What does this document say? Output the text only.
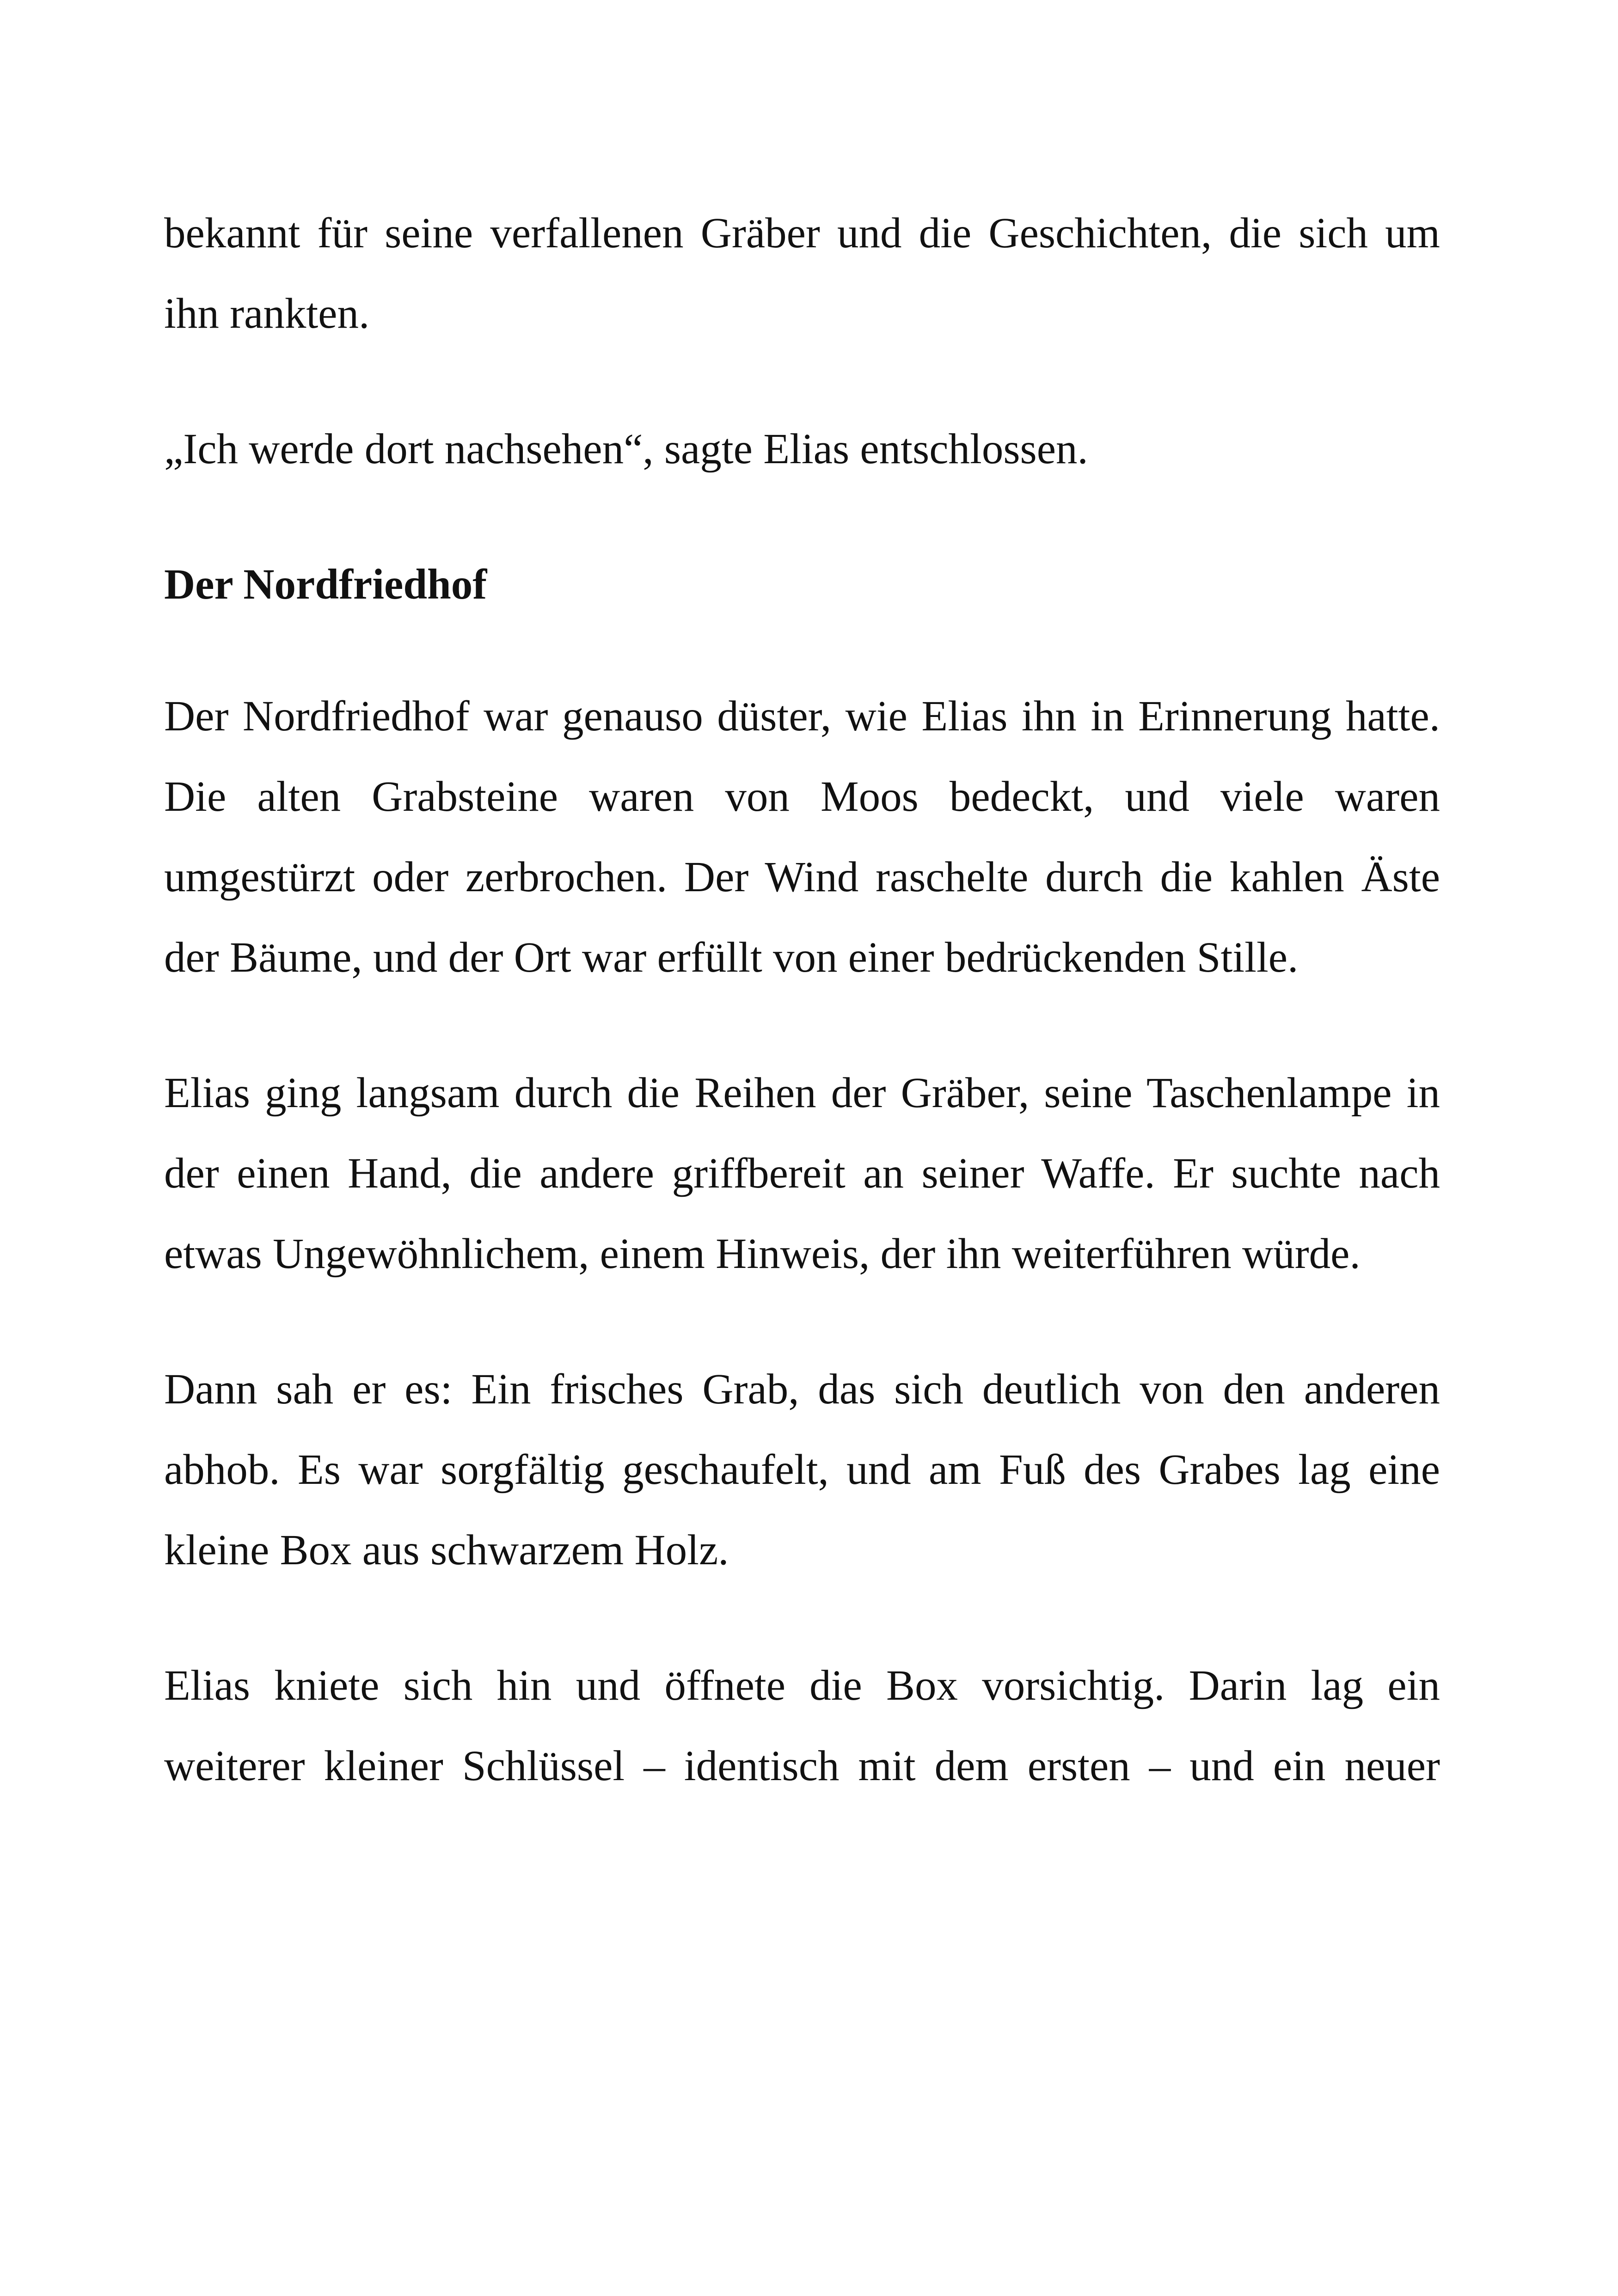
bekannt für seine verfallenen Gräber und die Geschichten, die sich um ihn rankten.

„Ich werde dort nachsehen“, sagte Elias entschlossen.

Der Nordfriedhof

Der Nordfriedhof war genauso düster, wie Elias ihn in Erinnerung hatte. Die alten Grabsteine waren von Moos bedeckt, und viele waren umgestürzt oder zerbrochen. Der Wind raschelte durch die kahlen Äste der Bäume, und der Ort war erfüllt von einer bedrückenden Stille.

Elias ging langsam durch die Reihen der Gräber, seine Taschenlampe in der einen Hand, die andere griffbereit an seiner Waffe. Er suchte nach etwas Ungewöhnlichem, einem Hinweis, der ihn weiterführen würde.

Dann sah er es: Ein frisches Grab, das sich deutlich von den anderen abhob. Es war sorgfältig geschaufelt, und am Fuß des Grabes lag eine kleine Box aus schwarzem Holz.

Elias kniete sich hin und öffnete die Box vorsichtig. Darin lag ein weiterer kleiner Schlüssel – identisch mit dem ersten – und ein neuer
